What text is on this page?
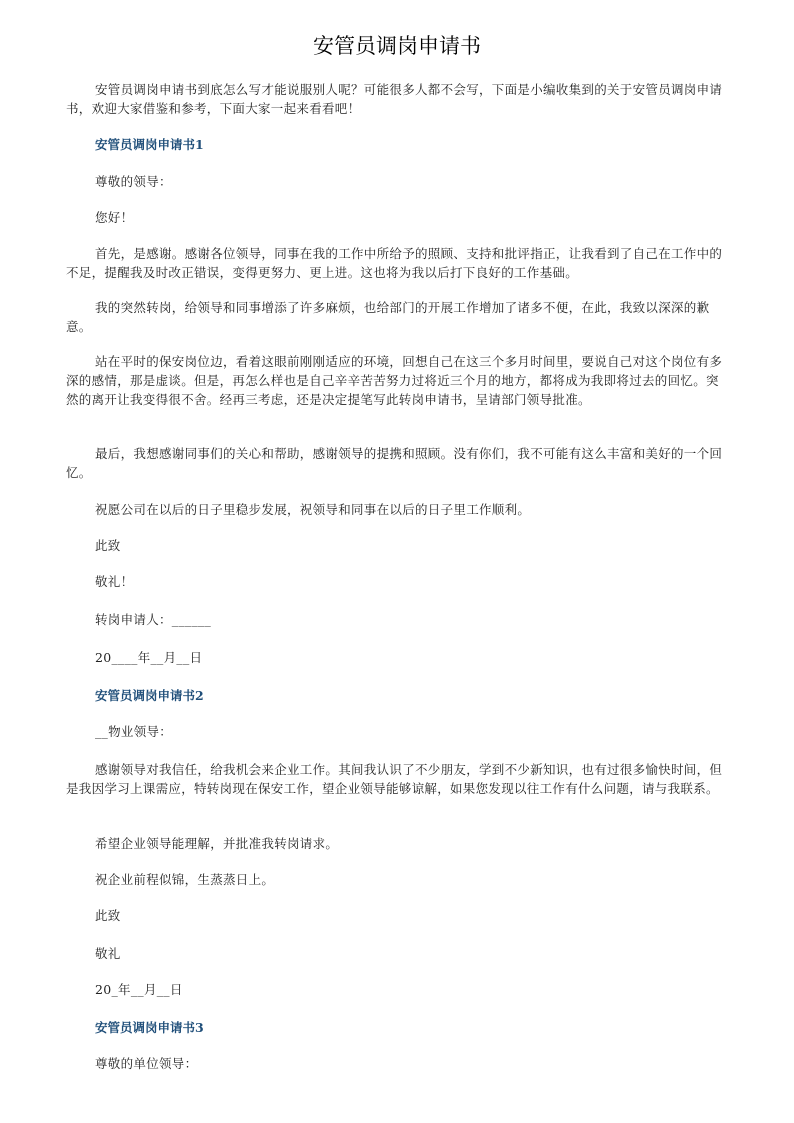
安管员调岗申请书

安管员调岗申请书到底怎么写才能说服别人呢？可能很多人都不会写，下面是小编收集到的关于安管员调岗申请书，欢迎大家借鉴和参考，下面大家一起来看看吧！

安管员调岗申请书1

尊敬的领导：

您好！

首先，是感谢。感谢各位领导，同事在我的工作中所给予的照顾、支持和批评指正，让我看到了自己在工作中的不足，提醒我及时改正错误，变得更努力、更上进。这也将为我以后打下良好的工作基础。

我的突然转岗，给领导和同事增添了许多麻烦，也给部门的开展工作增加了诸多不便，在此，我致以深深的歉意。

站在平时的保安岗位边，看着这眼前刚刚适应的环境，回想自己在这三个多月时间里，要说自己对这个岗位有多深的感情，那是虚谈。但是，再怎么样也是自己辛辛苦苦努力过将近三个月的地方，都将成为我即将过去的回忆。突然的离开让我变得很不舍。经再三考虑，还是决定提笔写此转岗申请书，呈请部门领导批准。

最后，我想感谢同事们的关心和帮助，感谢领导的提携和照顾。没有你们，我不可能有这么丰富和美好的一个回忆。

祝愿公司在以后的日子里稳步发展，祝领导和同事在以后的日子里工作顺利。

此致

敬礼！

转岗申请人：______

20____年__月__日

安管员调岗申请书2

__物业领导：

感谢领导对我信任，给我机会来企业工作。其间我认识了不少朋友，学到不少新知识，也有过很多愉快时间，但是我因学习上课需应，特转岗现在保安工作，望企业领导能够谅解，如果您发现以往工作有什么问题，请与我联系。

希望企业领导能理解，并批准我转岗请求。

祝企业前程似锦，生蒸蒸日上。

此致

敬礼

20_年__月__日

安管员调岗申请书3

尊敬的单位领导：
